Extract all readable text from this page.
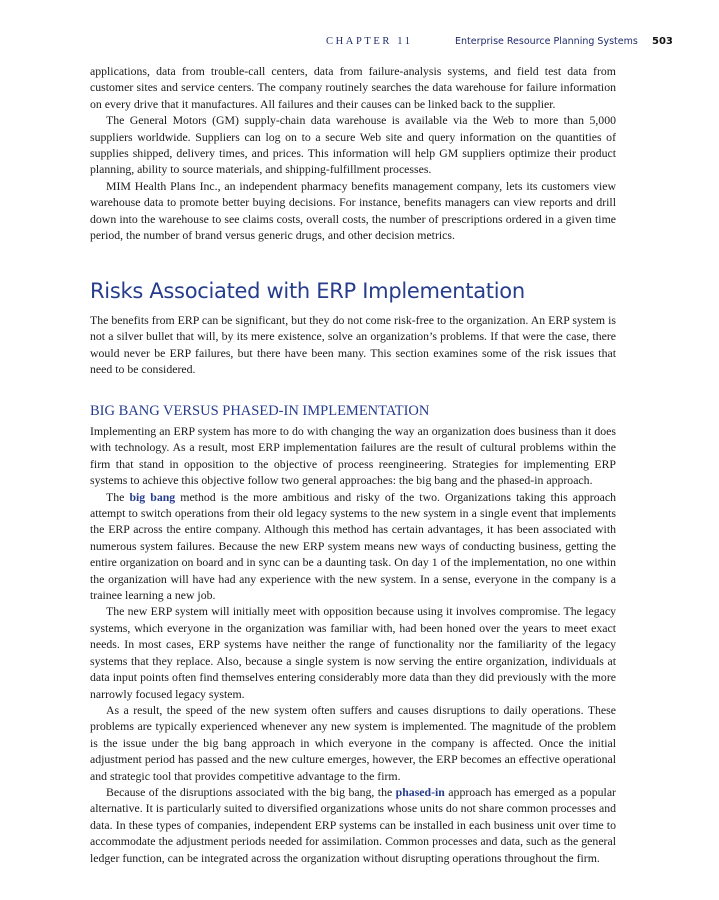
CHAPTER 11	Enterprise Resource Planning Systems 503

applications, data from trouble-call centers, data from failure-analysis systems, and field test data from customer sites and service centers. The company routinely searches the data warehouse for failure information on every drive that it manufactures. All failures and their causes can be linked back to the supplier.

The General Motors (GM) supply-chain data warehouse is available via the Web to more than 5,000 suppliers worldwide. Suppliers can log on to a secure Web site and query information on the quantities of supplies shipped, delivery times, and prices. This information will help GM suppliers optimize their product planning, ability to source materials, and shipping-fulfillment processes.

MIM Health Plans Inc., an independent pharmacy benefits management company, lets its customers view warehouse data to promote better buying decisions. For instance, benefits managers can view reports and drill down into the warehouse to see claims costs, overall costs, the number of prescriptions ordered in a given time period, the number of brand versus generic drugs, and other decision metrics.

Risks Associated with ERP Implementation

The benefits from ERP can be significant, but they do not come risk-free to the organization. An ERP system is not a silver bullet that will, by its mere existence, solve an organization’s problems. If that were the case, there would never be ERP failures, but there have been many. This section examines some of the risk issues that need to be considered.

BIG BANG VERSUS PHASED-IN IMPLEMENTATION

Implementing an ERP system has more to do with changing the way an organization does business than it does with technology. As a result, most ERP implementation failures are the result of cultural problems within the firm that stand in opposition to the objective of process reengineering. Strategies for implementing ERP systems to achieve this objective follow two general approaches: the big bang and the phased-in approach.

The big bang method is the more ambitious and risky of the two. Organizations taking this approach attempt to switch operations from their old legacy systems to the new system in a single event that implements the ERP across the entire company. Although this method has certain advantages, it has been associated with numerous system failures. Because the new ERP system means new ways of conducting business, getting the entire organization on board and in sync can be a daunting task. On day 1 of the implementation, no one within the organization will have had any experience with the new system. In a sense, everyone in the company is a trainee learning a new job.

The new ERP system will initially meet with opposition because using it involves compromise. The legacy systems, which everyone in the organization was familiar with, had been honed over the years to meet exact needs. In most cases, ERP systems have neither the range of functionality nor the familiarity of the legacy systems that they replace. Also, because a single system is now serving the entire organization, individuals at data input points often find themselves entering considerably more data than they did previously with the more narrowly focused legacy system.

As a result, the speed of the new system often suffers and causes disruptions to daily operations. These problems are typically experienced whenever any new system is implemented. The magnitude of the problem is the issue under the big bang approach in which everyone in the company is affected. Once the initial adjustment period has passed and the new culture emerges, however, the ERP becomes an effective operational and strategic tool that provides competitive advantage to the firm.

Because of the disruptions associated with the big bang, the phased-in approach has emerged as a popular alternative. It is particularly suited to diversified organizations whose units do not share common processes and data. In these types of companies, independent ERP systems can be installed in each business unit over time to accommodate the adjustment periods needed for assimilation. Common processes and data, such as the general ledger function, can be integrated across the organization without disrupting operations throughout the firm.
